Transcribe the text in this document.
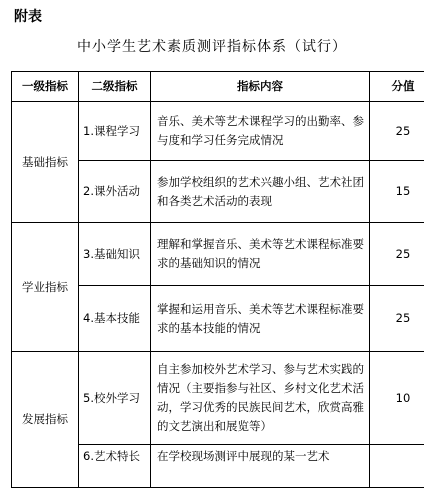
附表
中小学生艺术素质测评指标体系（试行）
一级指标	二级指标	指标内容	分值
基础指标	1.课程学习	音乐、美术等艺术课程学习的出勤率、参与度和学习任务完成情况	25
	2.课外活动	参加学校组织的艺术兴趣小组、艺术社团和各类艺术活动的表现	15
学业指标	3.基础知识	理解和掌握音乐、美术等艺术课程标准要求的基础知识的情况	25
	4.基本技能	掌握和运用音乐、美术等艺术课程标准要求的基本技能的情况	25
发展指标	5.校外学习	自主参加校外艺术学习、参与艺术实践的情况（主要指参与社区、乡村文化艺术活动，学习优秀的民族民间艺术，欣赏高雅的文艺演出和展览等）	10
	6.艺术特长	在学校现场测评中展现的某一艺术	
